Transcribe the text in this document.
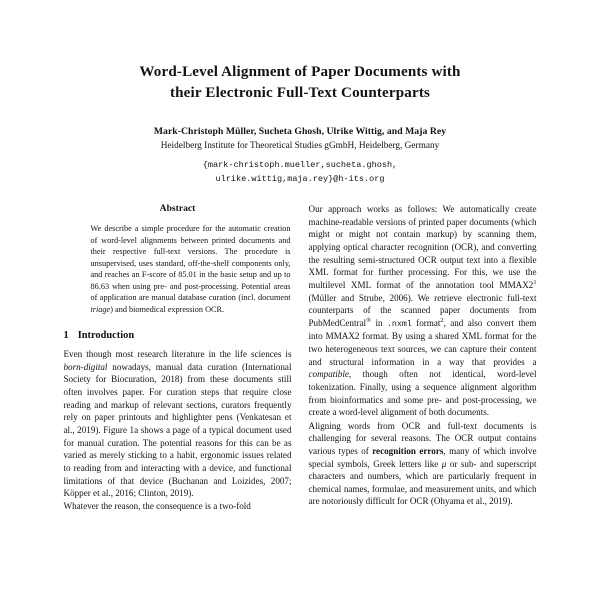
Word-Level Alignment of Paper Documents with
their Electronic Full-Text Counterparts

Mark-Christoph Müller, Sucheta Ghosh, Ulrike Wittig, and Maja Rey

Heidelberg Institute for Theoretical Studies gGmbH, Heidelberg, Germany

{mark-christoph.mueller,sucheta.ghosh,
ulrike.wittig,maja.rey}@h-its.org

Abstract

We describe a simple procedure for the automatic creation of word-level alignments between printed documents and their respective full-text versions. The procedure is unsupervised, uses standard, off-the-shelf components only, and reaches an F-score of 85.01 in the basic setup and up to 86.63 when using pre- and post-processing. Potential areas of application are manual database curation (incl. document triage) and biomedical expression OCR.

1 Introduction

Even though most research literature in the life sciences is born-digital nowadays, manual data curation (International Society for Biocuration, 2018) from these documents still often involves paper. For curation steps that require close reading and markup of relevant sections, curators frequently rely on paper printouts and highlighter pens (Venkatesan et al., 2019). Figure 1a shows a page of a typical document used for manual curation. The potential reasons for this can be as varied as merely sticking to a habit, ergonomic issues related to reading from and interacting with a device, and functional limitations of that device (Buchanan and Loizides, 2007; Köpper et al., 2016; Clinton, 2019).

Whatever the reason, the consequence is a two-fold

Our approach works as follows: We automatically create machine-readable versions of printed paper documents (which might or might not contain markup) by scanning them, applying optical character recognition (OCR), and converting the resulting semi-structured OCR output text into a flexible XML format for further processing. For this, we use the multilevel XML format of the annotation tool MMAX2$^1$ (Müller and Strube, 2006). We retrieve electronic full-text counterparts of the scanned paper documents from PubMedCentral® in .nxml format$^2$, and also convert them into MMAX2 format. By using a shared XML format for the two heterogeneous text sources, we can capture their content and structural information in a way that provides a compatible, though often not identical, word-level tokenization. Finally, using a sequence alignment algorithm from bioinformatics and some pre- and post-processing, we create a word-level alignment of both documents.

Aligning words from OCR and full-text documents is challenging for several reasons. The OCR output contains various types of recognition errors, many of which involve special symbols, Greek letters like μ or sub- and superscript characters and numbers, which are particularly frequent in chemical names, formulae, and measurement units, and which are notoriously difficult for OCR (Ohyama et al., 2019).
